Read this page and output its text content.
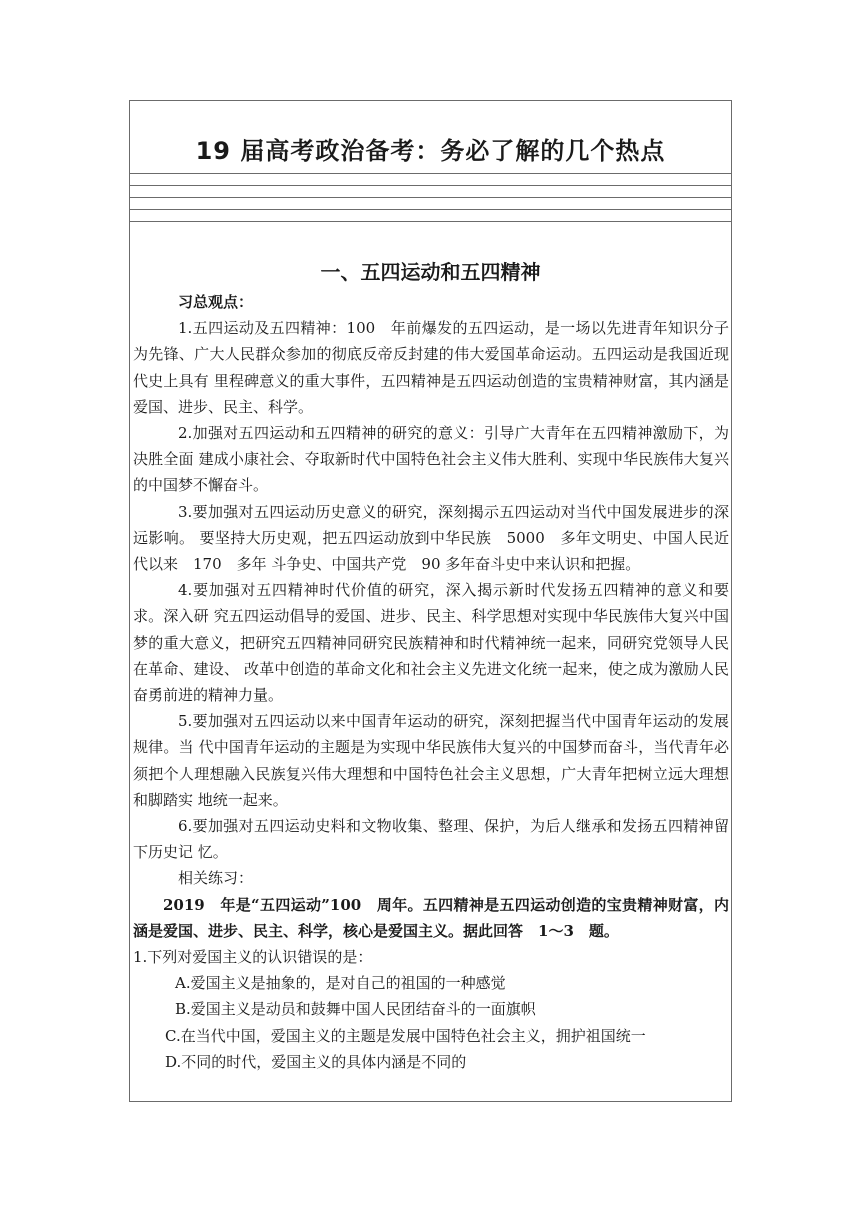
19 届高考政治备考：务必了解的几个热点
一、五四运动和五四精神

习总观点：

1.五四运动及五四精神：100　年前爆发的五四运动，是一场以先进青年知识分子为先锋、广大人民群众参加的彻底反帝反封建的伟大爱国革命运动。五四运动是我国近现代史上具有 里程碑意义的重大事件，五四精神是五四运动创造的宝贵精神财富，其内涵是爱国、进步、民主、科学。

2.加强对五四运动和五四精神的研究的意义：引导广大青年在五四精神激励下，为决胜全面 建成小康社会、夺取新时代中国特色社会主义伟大胜利、实现中华民族伟大复兴的中国梦不懈奋斗。

3.要加强对五四运动历史意义的研究，深刻揭示五四运动对当代中国发展进步的深远影响。 要坚持大历史观，把五四运动放到中华民族　5000　多年文明史、中国人民近代以来　170　多年 斗争史、中国共产党　90 多年奋斗史中来认识和把握。

4.要加强对五四精神时代价值的研究，深入揭示新时代发扬五四精神的意义和要求。深入研 究五四运动倡导的爱国、进步、民主、科学思想对实现中华民族伟大复兴中国梦的重大意义，把研究五四精神同研究民族精神和时代精神统一起来，同研究党领导人民在革命、建设、 改革中创造的革命文化和社会主义先进文化统一起来，使之成为激励人民奋勇前进的精神力量。

5.要加强对五四运动以来中国青年运动的研究，深刻把握当代中国青年运动的发展规律。当 代中国青年运动的主题是为实现中华民族伟大复兴的中国梦而奋斗，当代青年必须把个人理想融入民族复兴伟大理想和中国特色社会主义思想，广大青年把树立远大理想和脚踏实 地统一起来。

6.要加强对五四运动史料和文物收集、整理、保护，为后人继承和发扬五四精神留下历史记 忆。

相关练习：

2019　年是“五四运动”100　周年。五四精神是五四运动创造的宝贵精神财富，内涵是爱国、进步、民主、科学，核心是爱国主义。据此回答　1～3　题。

1.下列对爱国主义的认识错误的是：

A.爱国主义是抽象的，是对自己的祖国的一种感觉

B.爱国主义是动员和鼓舞中国人民团结奋斗的一面旗帜

C.在当代中国，爱国主义的主题是发展中国特色社会主义，拥护祖国统一

D.不同的时代，爱国主义的具体内涵是不同的
